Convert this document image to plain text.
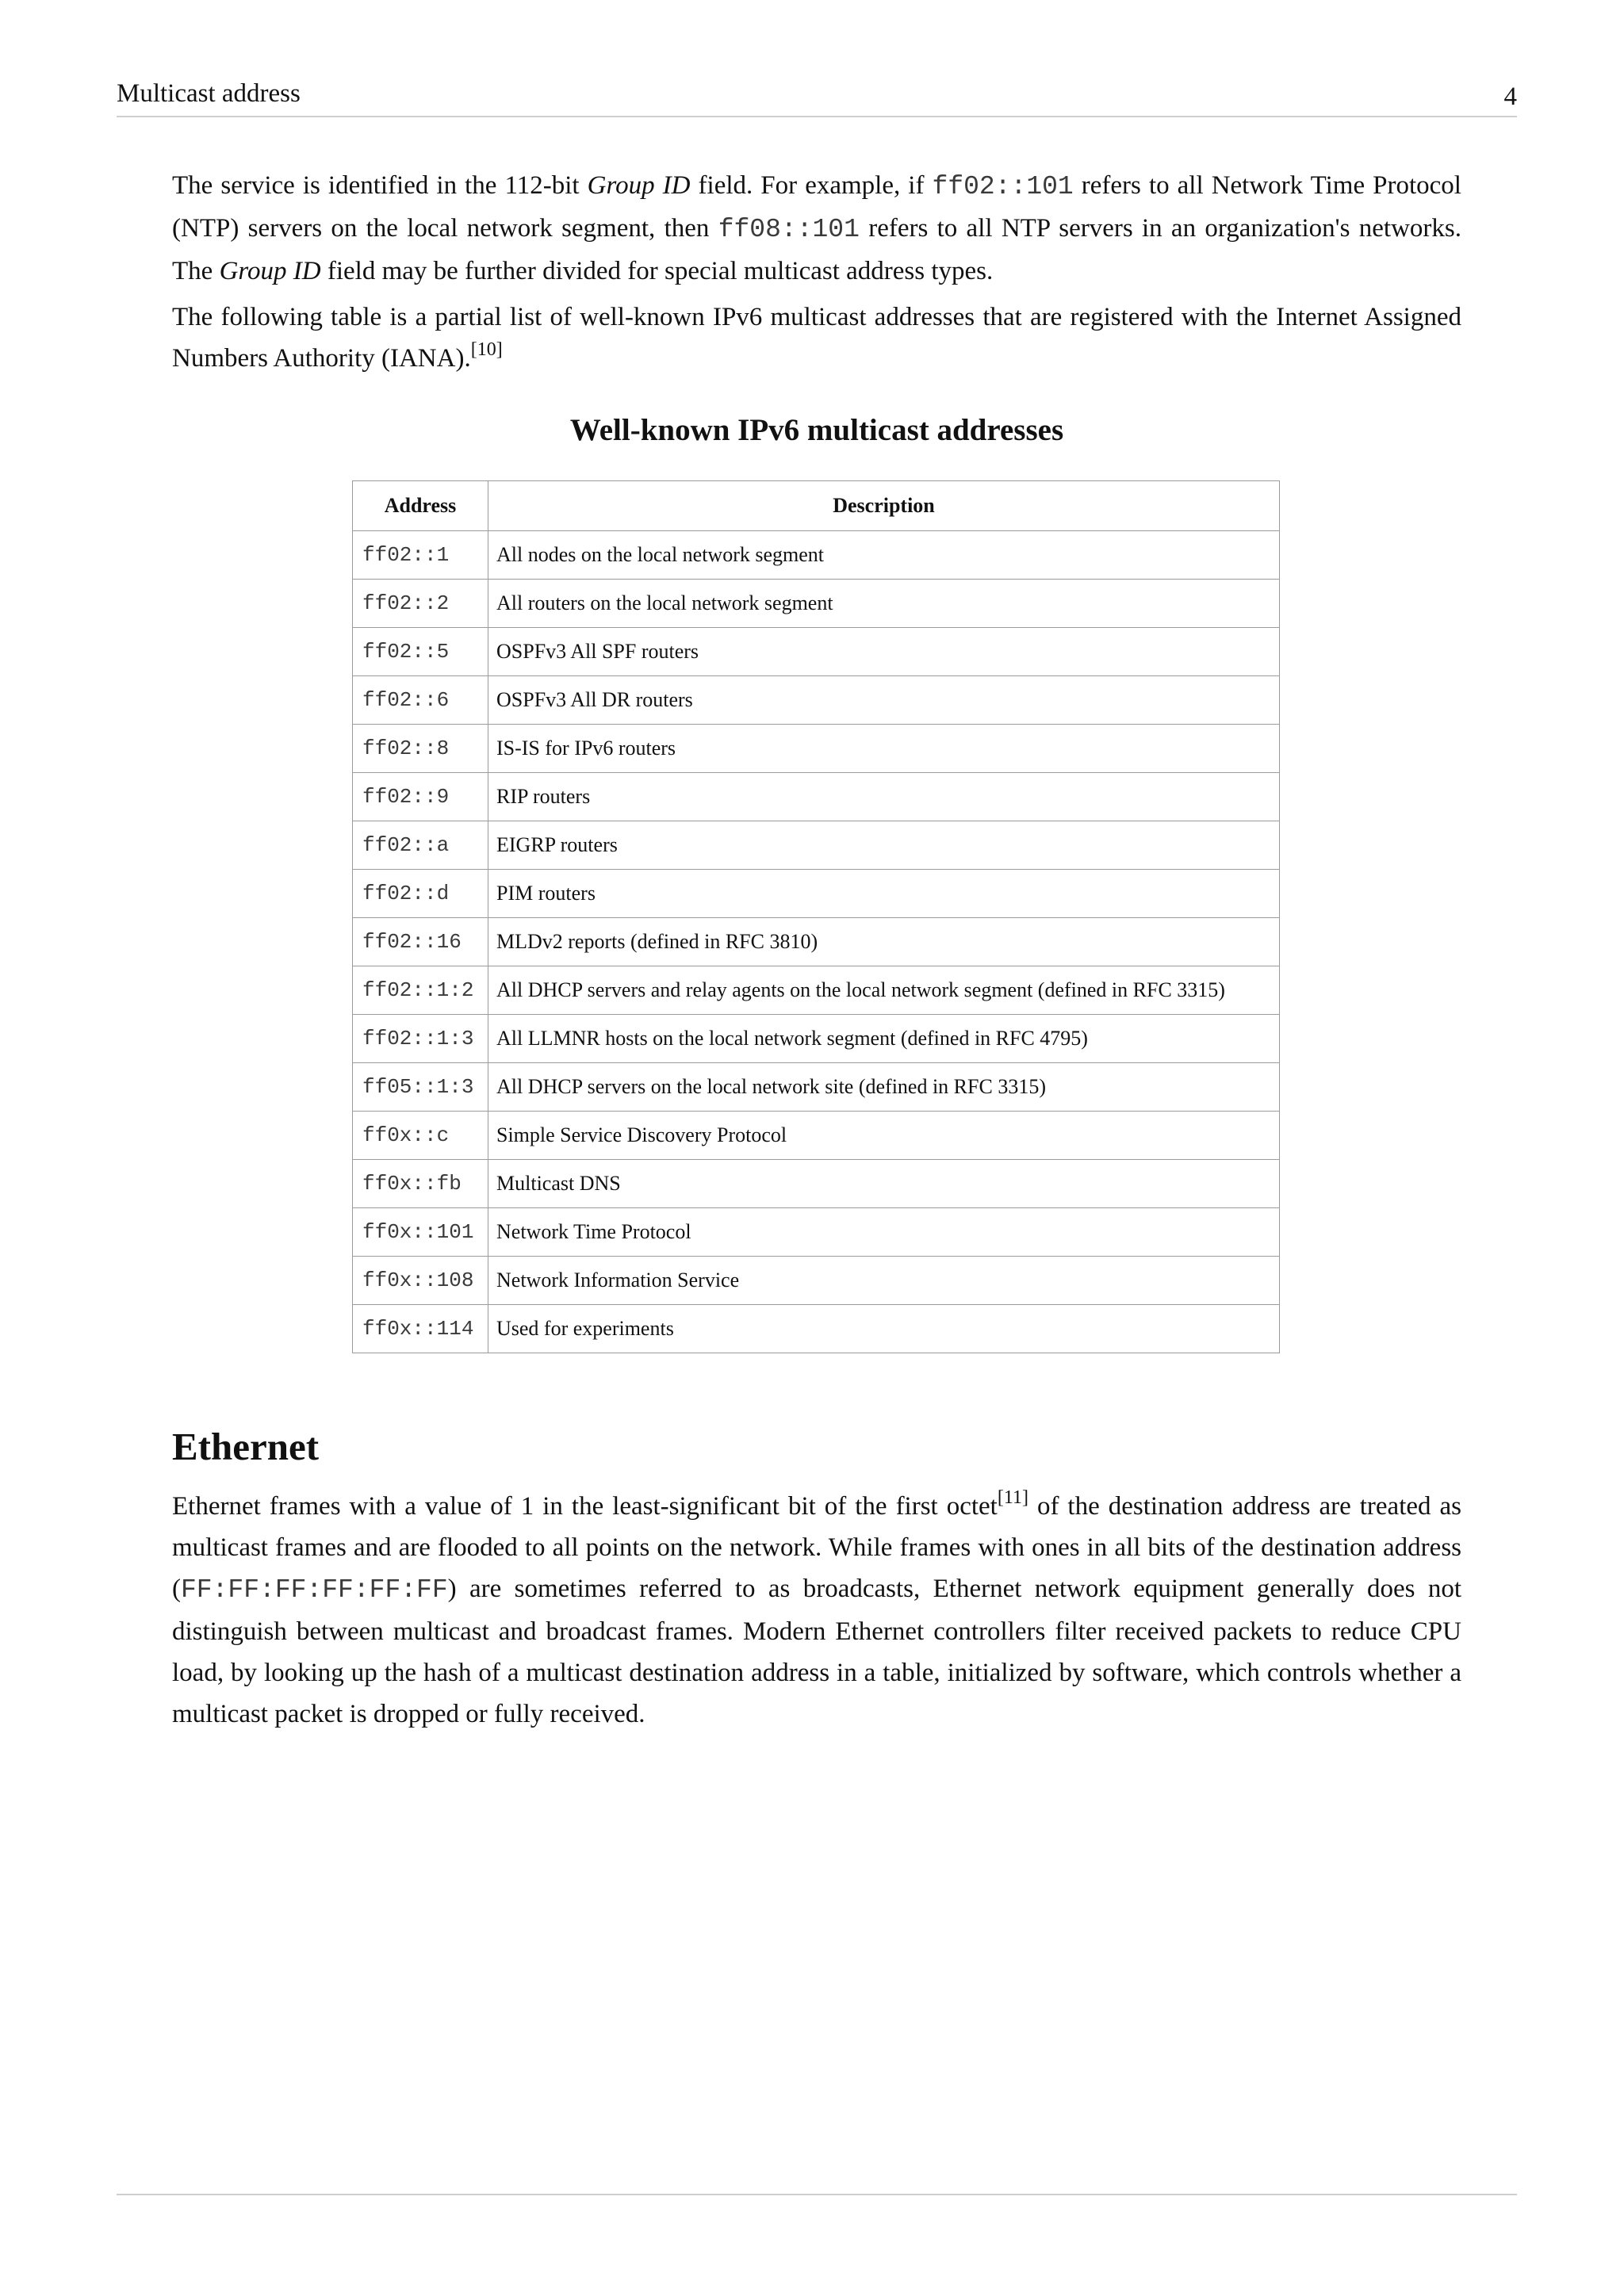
Multicast address	4

The service is identified in the 112-bit Group ID field. For example, if ff02::101 refers to all Network Time Protocol (NTP) servers on the local network segment, then ff08::101 refers to all NTP servers in an organization's networks. The Group ID field may be further divided for special multicast address types.

The following table is a partial list of well-known IPv6 multicast addresses that are registered with the Internet Assigned Numbers Authority (IANA).[10]

Well-known IPv6 multicast addresses
Address	Description
ff02::1	All nodes on the local network segment
ff02::2	All routers on the local network segment
ff02::5	OSPFv3 All SPF routers
ff02::6	OSPFv3 All DR routers
ff02::8	IS-IS for IPv6 routers
ff02::9	RIP routers
ff02::a	EIGRP routers
ff02::d	PIM routers
ff02::16	MLDv2 reports (defined in RFC 3810)
ff02::1:2	All DHCP servers and relay agents on the local network segment (defined in RFC 3315)
ff02::1:3	All LLMNR hosts on the local network segment (defined in RFC 4795)
ff05::1:3	All DHCP servers on the local network site (defined in RFC 3315)
ff0x::c	Simple Service Discovery Protocol
ff0x::fb	Multicast DNS
ff0x::101	Network Time Protocol
ff0x::108	Network Information Service
ff0x::114	Used for experiments
Ethernet

Ethernet frames with a value of 1 in the least-significant bit of the first octet[11] of the destination address are treated as multicast frames and are flooded to all points on the network. While frames with ones in all bits of the destination address (FF:FF:FF:FF:FF:FF) are sometimes referred to as broadcasts, Ethernet network equipment generally does not distinguish between multicast and broadcast frames. Modern Ethernet controllers filter received packets to reduce CPU load, by looking up the hash of a multicast destination address in a table, initialized by software, which controls whether a multicast packet is dropped or fully received.
